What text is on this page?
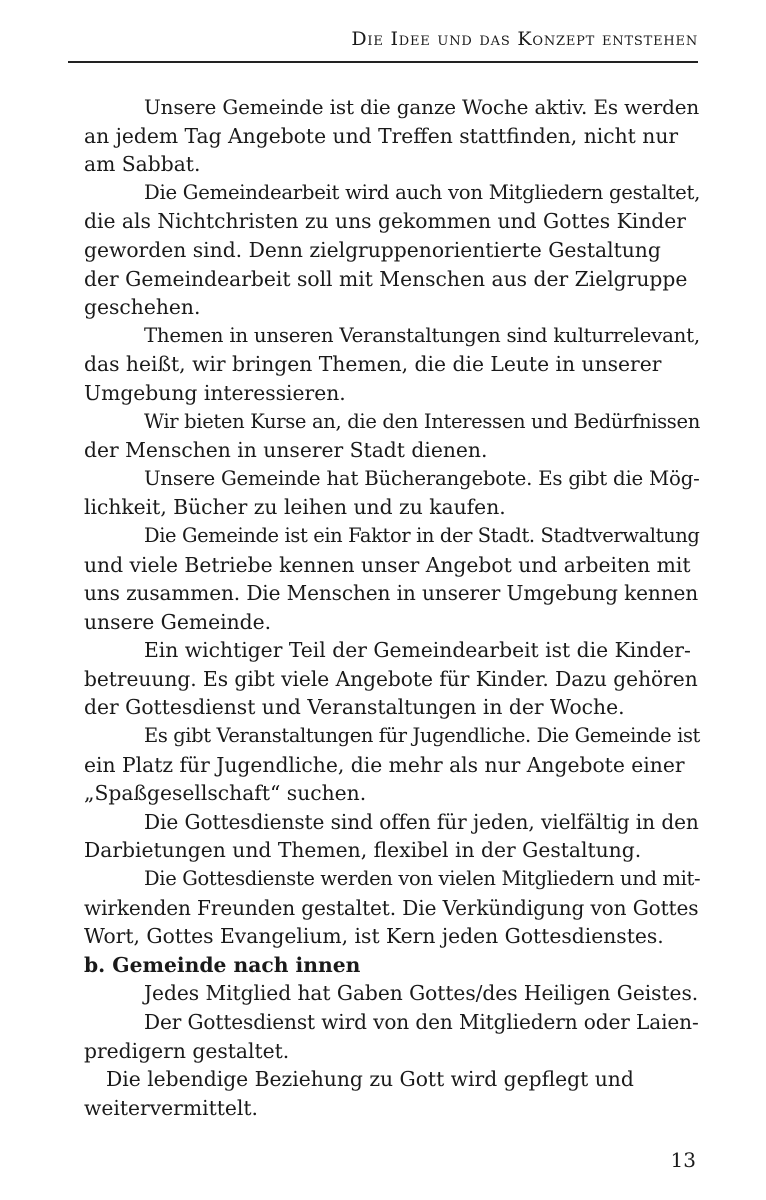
Die Idee und das Konzept entstehen

Unsere Gemeinde ist die ganze Woche aktiv. Es werden
an jedem Tag Angebote und Treffen stattfinden, nicht nur
am Sabbat.

Die Gemeindearbeit wird auch von Mitgliedern gestaltet,
die als Nichtchristen zu uns gekommen und Gottes Kinder
geworden sind. Denn zielgruppenorientierte Gestaltung
der Gemeindearbeit soll mit Menschen aus der Zielgruppe
geschehen.

Themen in unseren Veranstaltungen sind kulturrelevant,
das heißt, wir bringen Themen, die die Leute in unserer
Umgebung interessieren.

Wir bieten Kurse an, die den Interessen und Bedürfnissen
der Menschen in unserer Stadt dienen.

Unsere Gemeinde hat Bücherangebote. Es gibt die Mög-
lichkeit, Bücher zu leihen und zu kaufen.

Die Gemeinde ist ein Faktor in der Stadt. Stadtverwaltung
und viele Betriebe kennen unser Angebot und arbeiten mit
uns zusammen. Die Menschen in unserer Umgebung kennen
unsere Gemeinde.

Ein wichtiger Teil der Gemeindearbeit ist die Kinder-
betreuung. Es gibt viele Angebote für Kinder. Dazu gehören
der Gottesdienst und Veranstaltungen in der Woche.

Es gibt Veranstaltungen für Jugendliche. Die Gemeinde ist
ein Platz für Jugendliche, die mehr als nur Angebote einer
„Spaßgesellschaft“ suchen.

Die Gottesdienste sind offen für jeden, vielfältig in den
Darbietungen und Themen, flexibel in der Gestaltung.

Die Gottesdienste werden von vielen Mitgliedern und mit-
wirkenden Freunden gestaltet. Die Verkündigung von Gottes
Wort, Gottes Evangelium, ist Kern jeden Gottesdienstes.

b. Gemeinde nach innen

Jedes Mitglied hat Gaben Gottes/des Heiligen Geistes.

Der Gottesdienst wird von den Mitgliedern oder Laien-
predigern gestaltet.

Die lebendige Beziehung zu Gott wird gepflegt und
weitervermittelt.

13
